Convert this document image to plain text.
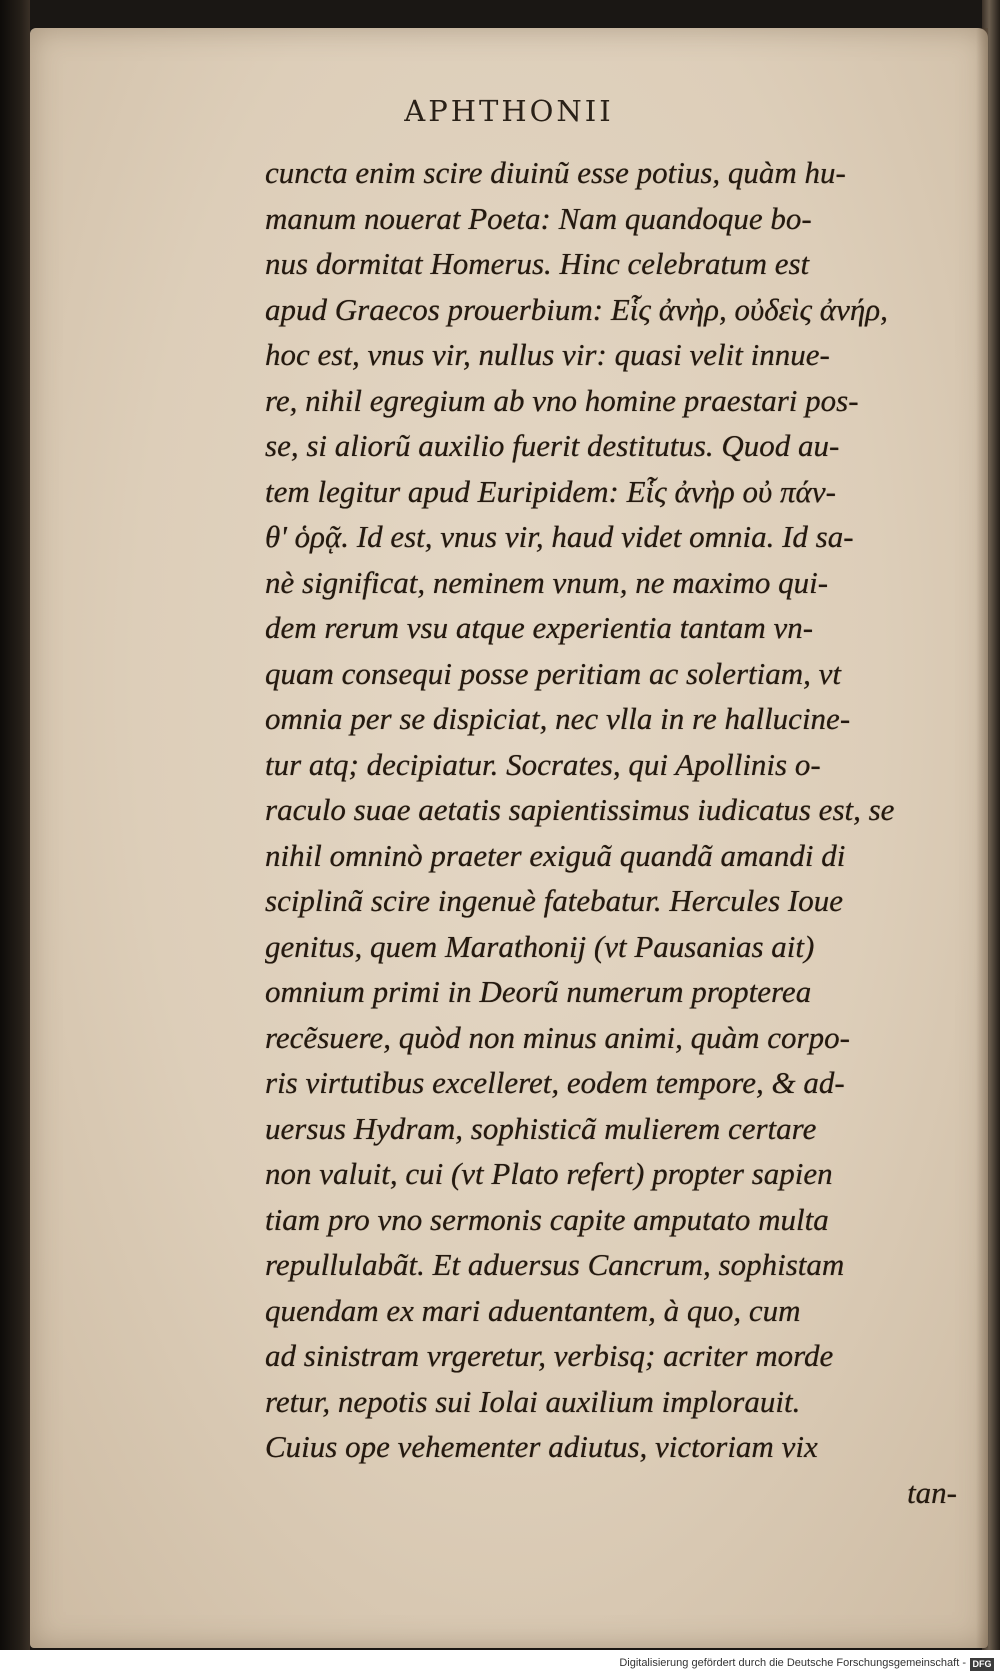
APHTHONII
cuncta enim scire diuinũ esse potius, quàm hu-
manum nouerat Poeta: Nam quandoque bo-
nus dormitat Homerus. Hinc celebratum est
apud Graecos prouerbium: Εἷς ἀνὴρ, οὐδεὶς ἀνήρ,
hoc est, vnus vir, nullus vir: quasi velit innue-
re, nihil egregium ab vno homine praestari pos-
se, si aliorũ auxilio fuerit destitutus. Quod au-
tem legitur apud Euripidem: Εἷς ἀνὴρ οὐ πάν-
θ' ὁρᾷ. Id est, vnus vir, haud videt omnia. Id sa-
nè significat, neminem vnum, ne maximo qui-
dem rerum vsu atque experientia tantam vn-
quam consequi posse peritiam ac solertiam, vt
omnia per se dispiciat, nec vlla in re hallucine-
tur atq; decipiatur. Socrates, qui Apollinis o-
raculo suae aetatis sapientissimus iudicatus est, se
nihil omninò praeter exiguã quandã amandi di
sciplinã scire ingenuè fatebatur. Hercules Ioue
genitus, quem Marathonij (vt Pausanias ait)
omnium primi in Deorũ numerum propterea
recẽsuere, quòd non minus animi, quàm corpo-
ris virtutibus excelleret, eodem tempore, & ad-
uersus Hydram, sophisticã mulierem certare
non valuit, cui (vt Plato refert) propter sapien
tiam pro vno sermonis capite amputato multa
repullulabãt. Et aduersus Cancrum, sophistam
quendam ex mari aduentantem, à quo, cum
ad sinistram vrgeretur, verbisq; acriter morde
retur, nepotis sui Iolai auxilium implorauit.
Cuius ope vehementer adiutus, victoriam vix
tan-
Digitalisierung gefördert durch die Deutsche Forschungsgemeinschaft - DFG
